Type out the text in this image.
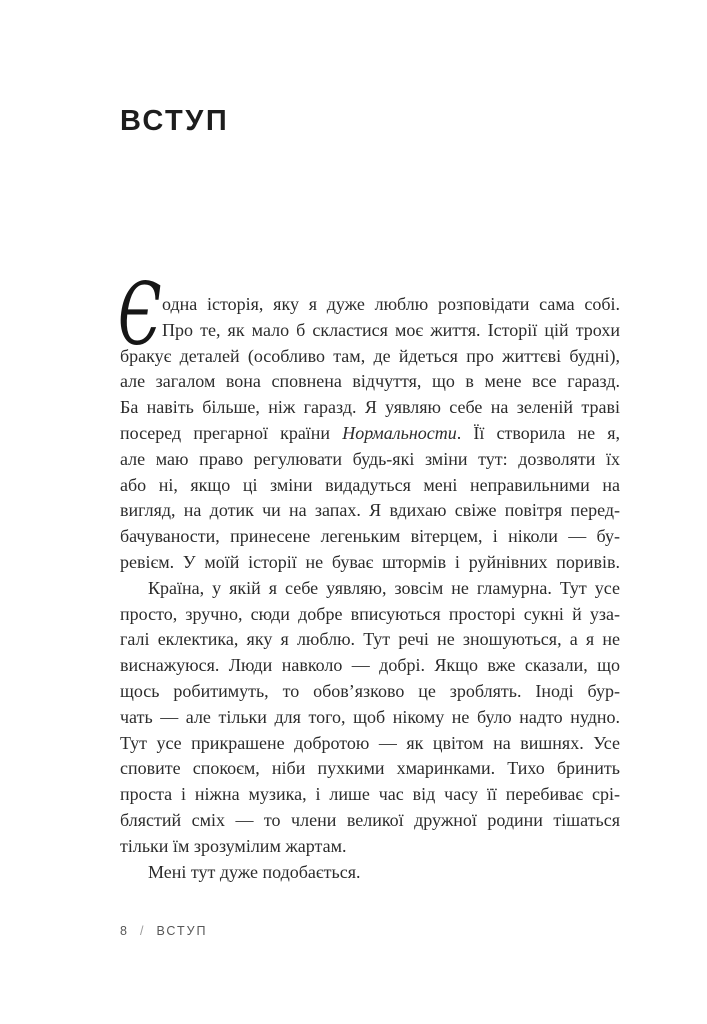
ВСТУП
Є одна історія, яку я дуже люблю розповідати сама собі.
Про те, як мало б скластися моє життя. Історії цій трохи
бракує деталей (особливо там, де йдеться про життєві будні),
але загалом вона сповнена відчуття, що в мене все гаразд.
Ба навіть більше, ніж гаразд. Я уявляю себе на зеленій траві
посеред прегарної країни Нормальности. Її створила не я,
але маю право регулювати будь-які зміни тут: дозволяти їх
або ні, якщо ці зміни видадуться мені неправильними на
вигляд, на дотик чи на запах. Я вдихаю свіже повітря перед-
бачуваности, принесене легеньким вітерцем, і ніколи — бу-
ревієм. У моїй історії не буває штормів і руйнівних поривів.
Країна, у якій я себе уявляю, зовсім не гламурна. Тут усе
просто, зручно, сюди добре вписуються просторі сукні й уза-
галі еклектика, яку я люблю. Тут речі не зношуються, а я не
виснажуюся. Люди навколо — добрі. Якщо вже сказали, що
щось робитимуть, то обов’язково це зроблять. Іноді бур-
чать — але тільки для того, щоб нікому не було надто нудно.
Тут усе прикрашене добротою — як цвітом на вишнях. Усе
сповите спокоєм, ніби пухкими хмаринками. Тихо бринить
проста і ніжна музика, і лише час від часу її перебиває срі-
блястий сміх — то члени великої дружної родини тішаться
тільки їм зрозумілим жартам.
Мені тут дуже подобається.
8 / ВСТУП
